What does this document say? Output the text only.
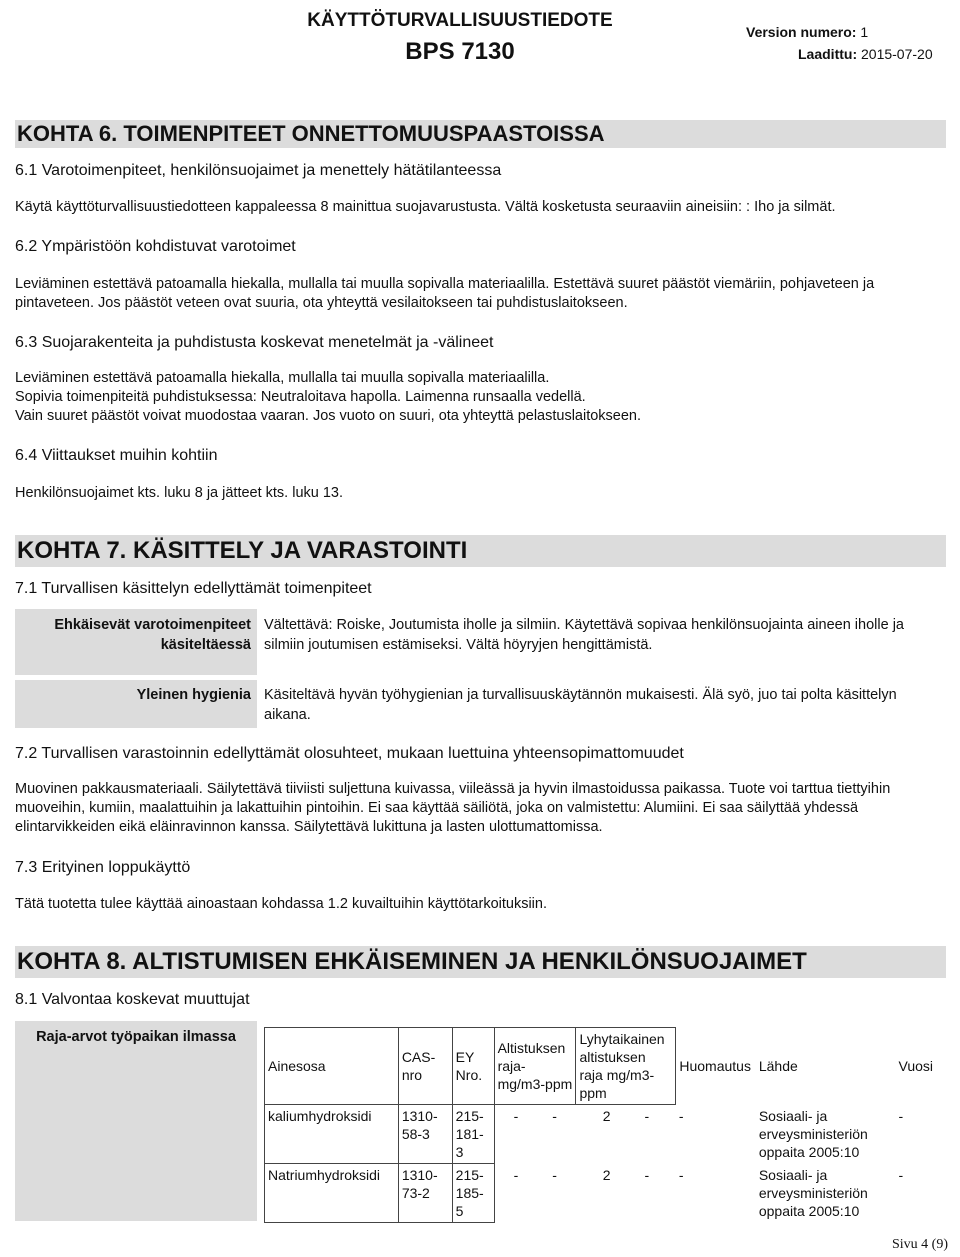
KÄYTTÖTURVALLISUUSTIEDOTE
BPS 7130
Version numero: 1
Laadittu: 2015-07-20
KOHTA 6. TOIMENPITEET ONNETTOMUUSPAASTOISSA
6.1 Varotoimenpiteet, henkilönsuojaimet ja menettely hätätilanteessa
Käytä käyttöturvallisuustiedotteen kappaleessa 8 mainittua suojavarustusta. Vältä kosketusta seuraaviin aineisiin: : Iho ja silmät.
6.2 Ympäristöön kohdistuvat varotoimet
Leviäminen estettävä patoamalla hiekalla, mullalla tai muulla sopivalla materiaalilla. Estettävä suuret päästöt viemäriin, pohjaveteen ja pintaveteen. Jos päästöt veteen ovat suuria, ota yhteyttä vesilaitokseen tai puhdistuslaitokseen.
6.3 Suojarakenteita ja puhdistusta koskevat menetelmät ja -välineet
Leviäminen estettävä patoamalla hiekalla, mullalla tai muulla sopivalla materiaalilla.
Sopivia toimenpiteitä puhdistuksessa: Neutraloitava hapolla. Laimenna runsaalla vedellä.
Vain suuret päästöt voivat muodostaa vaaran. Jos vuoto on suuri, ota yhteyttä pelastuslaitokseen.
6.4 Viittaukset muihin kohtiin
Henkilönsuojaimet kts. luku 8 ja jätteet kts. luku 13.
KOHTA 7. KÄSITTELY JA VARASTOINTI
7.1 Turvallisen käsittelyn edellyttämät toimenpiteet
Ehkäisevät varotoimenpiteet käsiteltäessä
Vältettävä: Roiske, Joutumista iholle ja silmiin. Käytettävä sopivaa henkilönsuojainta aineen iholle ja silmiin joutumisen estämiseksi. Vältä höyryjen hengittämistä.
Yleinen hygienia Käsiteltävä hyvän työhygienian ja turvallisuuskäytännön mukaisesti. Älä syö, juo tai polta käsittelyn aikana.
7.2 Turvallisen varastoinnin edellyttämät olosuhteet, mukaan luettuina yhteensopimattomuudet
Muovinen pakkausmateriaali. Säilytettävä tiiviisti suljettuna kuivassa, viileässä ja hyvin ilmastoidussa paikassa. Tuote voi tarttua tiettyihin muoveihin, kumiin, maalattuihin ja lakattuihin pintoihin. Ei saa käyttää säiliötä, joka on valmistettu: Alumiini. Ei saa säilyttää yhdessä elintarvikkeiden eikä eläinravinnon kanssa. Säilytettävä lukittuna ja lasten ulottumattomissa.
7.3 Erityinen loppukäyttö
Tätä tuotetta tulee käyttää ainoastaan kohdassa 1.2 kuvailtuihin käyttötarkoituksiin.
KOHTA 8. ALTISTUMISEN EHKÄISEMINEN JA HENKILÖNSUOJAIMET
8.1 Valvontaa koskevat muuttujat
Raja-arvot työpaikan ilmassa
Ainesosa	CAS-nro	EY Nro.	Altistuksen raja-mg/m3-ppm	Lyhytaikainen altistuksen raja mg/m3-ppm	Huomautus	Lähde	Vuosi
kaliumhydroksidi	1310-58-3	215-181-3	- -	2 -	-	Sosiaali- ja erveysministeriön oppaita 2005:10	-
Natriumhydroksidi	1310-73-2	215-185-5	- -	2 -	-	Sosiaali- ja erveysministeriön oppaita 2005:10	-
Sivu 4 (9)
